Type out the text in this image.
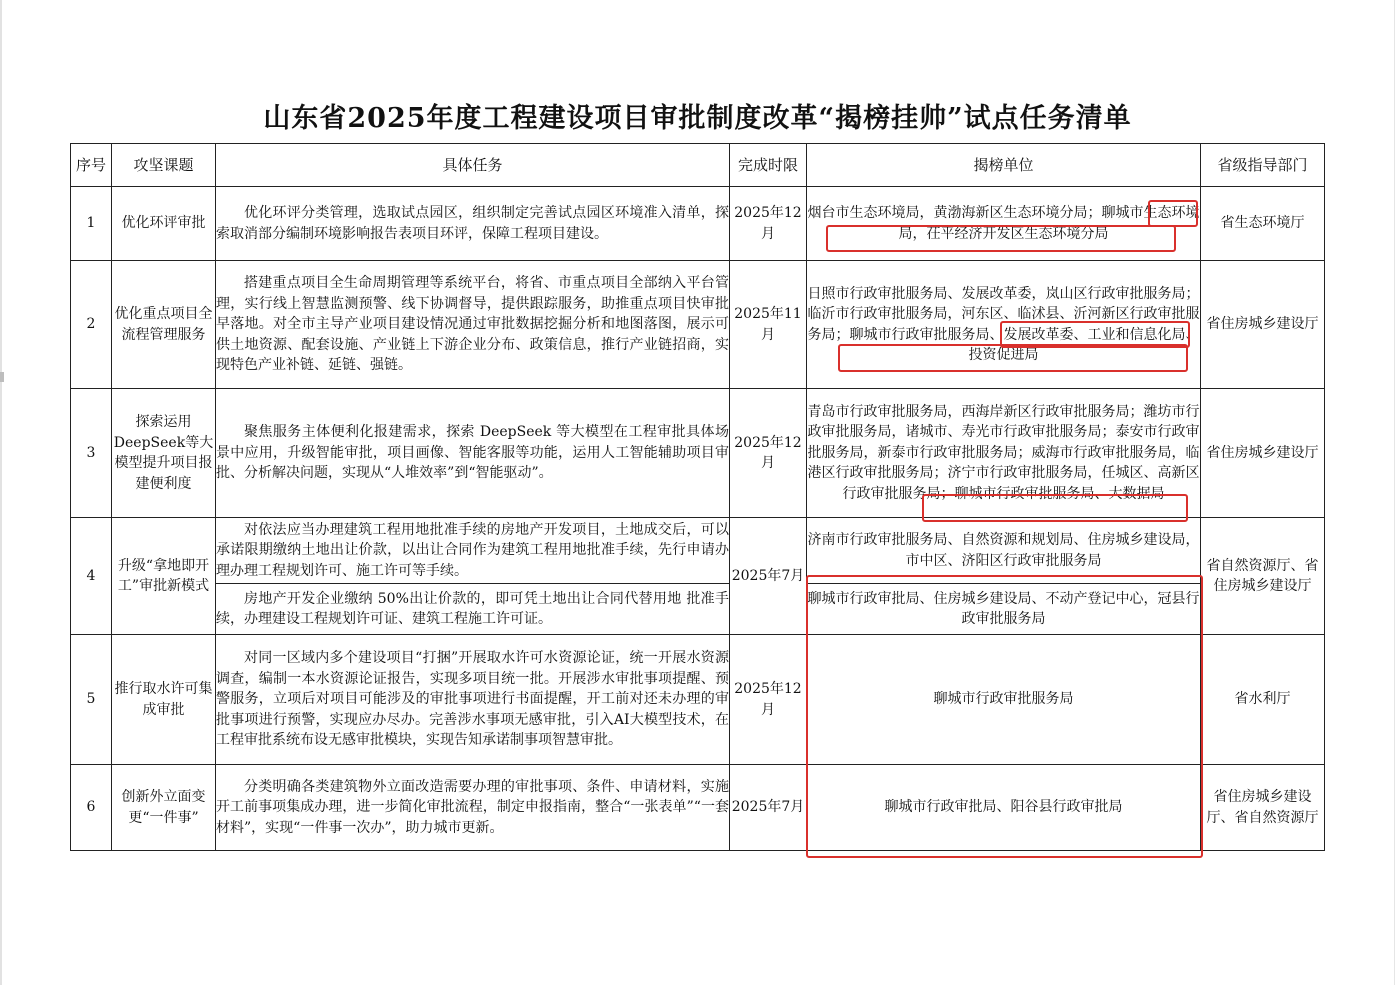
山东省2025年度工程建设项目审批制度改革“揭榜挂帅”试点任务清单
序号	攻坚课题	具体任务	完成时限	揭榜单位	省级指导部门
1	优化环评审批	优化环评分类管理，选取试点园区，组织制定完善试点园区环境准入清单，探索取消部分编制环境影响报告表项目环评，保障工程项目建设。	2025年12月	烟台市生态环境局，黄渤海新区生态环境分局；聊城市生态环境局，茌平经济开发区生态环境分局	省生态环境厅
2	优化重点项目全流程管理服务	搭建重点项目全生命周期管理等系统平台，将省、市重点项目全部纳入平台管理，实行线上智慧监测预警、线下协调督导，提供跟踪服务，助推重点项目快审批早落地。对全市主导产业项目建设情况通过审批数据挖掘分析和地图落图，展示可供土地资源、配套设施、产业链上下游企业分布、政策信息，推行产业链招商，实现特色产业补链、延链、强链。	2025年11月	日照市行政审批服务局、发展改革委，岚山区行政审批服务局；临沂市行政审批服务局，河东区、临沭县、沂河新区行政审批服务局；聊城市行政审批服务局、发展改革委、工业和信息化局、投资促进局	省住房城乡建设厅
3	探索运用DeepSeek等大模型提升项目报建便利度	聚焦服务主体便利化报建需求，探索 DeepSeek 等大模型在工程审批具体场景中应用，升级智能审批，项目画像、智能客服等功能，运用人工智能辅助项目审批、分析解决问题，实现从“人堆效率”到“智能驱动”。	2025年12月	青岛市行政审批服务局，西海岸新区行政审批服务局；潍坊市行政审批服务局，诸城市、寿光市行政审批服务局；泰安市行政审批服务局，新泰市行政审批服务局；威海市行政审批服务局，临港区行政审批服务局；济宁市行政审批服务局，任城区、高新区行政审批服务局；聊城市行政审批服务局、大数据局	省住房城乡建设厅
4	升级“拿地即开工”审批新模式	对依法应当办理建筑工程用地批准手续的房地产开发项目，土地成交后，可以承诺限期缴纳土地出让价款，以出让合同作为建筑工程用地批准手续，先行申请办理办理工程规划许可、施工许可等手续。	2025年7月	济南市行政审批服务局、自然资源和规划局、住房城乡建设局，市中区、济阳区行政审批服务局	省自然资源厅、省住房城乡建设厅

		房地产开发企业缴纳 50%出让价款的，即可凭土地出让合同代替用地 批准手续，办理建设工程规划许可证、建筑工程施工许可证。		聊城市行政审批局、住房城乡建设局、不动产登记中心，冠县行政审批服务局	
5	推行取水许可集成审批	对同一区域内多个建设项目“打捆”开展取水许可水资源论证，统一开展水资源调查，编制一本水资源论证报告，实现多项目统一批。开展涉水审批事项提醒、预警服务，立项后对项目可能涉及的审批事项进行书面提醒，开工前对还未办理的审批事项进行预警，实现应办尽办。完善涉水事项无感审批，引入AI大模型技术，在工程审批系统布设无感审批模块，实现告知承诺制事项智慧审批。	2025年12月	聊城市行政审批服务局	省水利厅
6	创新外立面变更“一件事”	分类明确各类建筑物外立面改造需要办理的审批事项、条件、申请材料，实施开工前事项集成办理，进一步简化审批流程，制定申报指南，整合“一张表单”“一套材料”，实现“一件事一次办”，助力城市更新。	2025年7月	聊城市行政审批局、阳谷县行政审批局	省住房城乡建设厅、省自然资源厅
